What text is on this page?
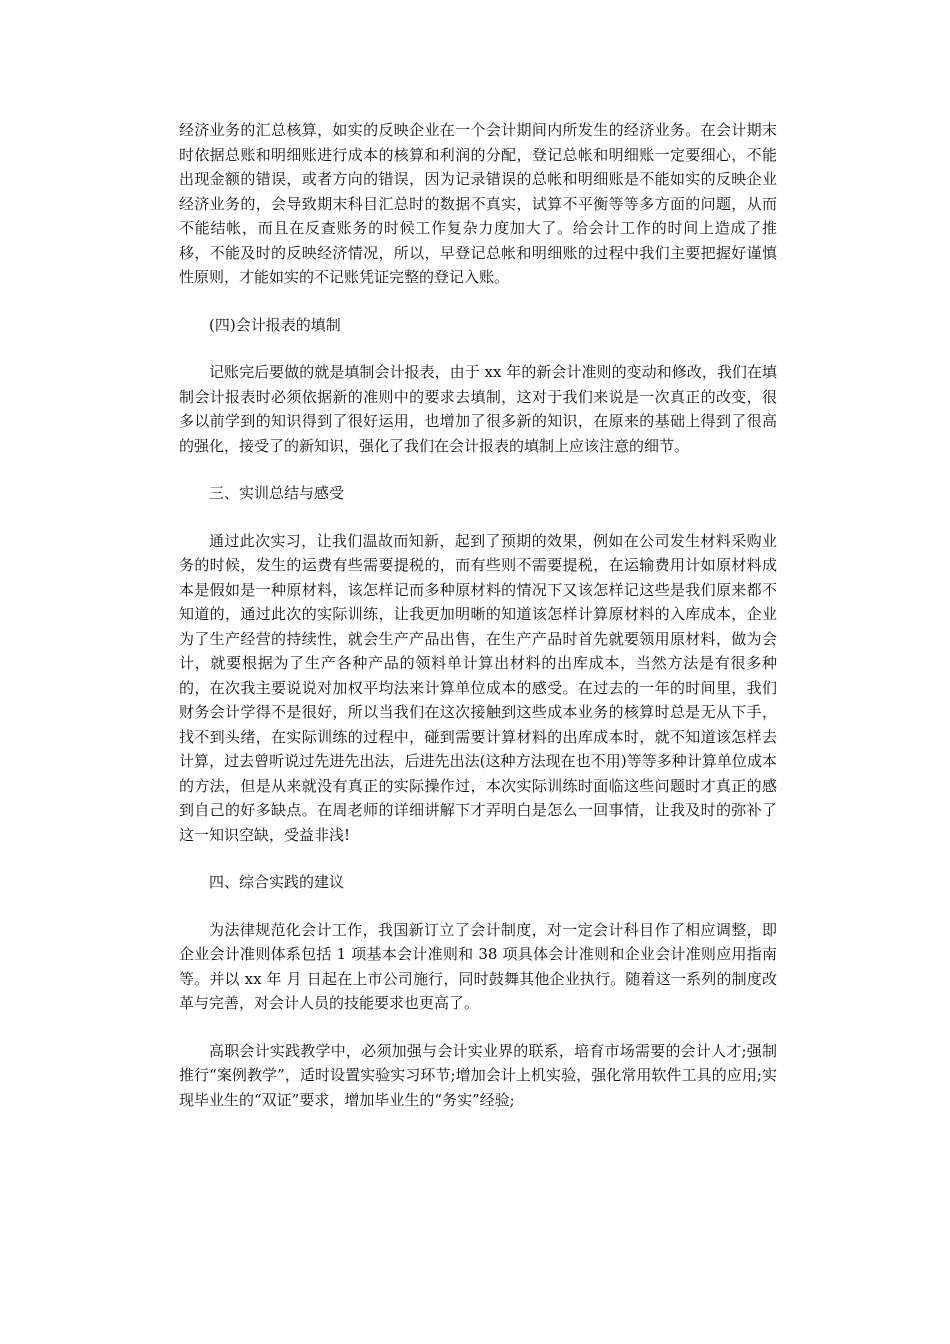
经济业务的汇总核算，如实的反映企业在一个会计期间内所发生的经济业务。在会计期末时依据总账和明细账进行成本的核算和利润的分配，登记总帐和明细账一定要细心，不能出现金额的错误，或者方向的错误，因为记录错误的总帐和明细账是不能如实的反映企业经济业务的，会导致期末科目汇总时的数据不真实，试算不平衡等等多方面的问题，从而不能结帐，而且在反查账务的时候工作复杂力度加大了。给会计工作的时间上造成了推移，不能及时的反映经济情况，所以，早登记总帐和明细账的过程中我们主要把握好谨慎性原则，才能如实的不记账凭证完整的登记入账。

(四)会计报表的填制

记账完后要做的就是填制会计报表，由于 xx 年的新会计准则的变动和修改，我们在填制会计报表时必须依据新的准则中的要求去填制，这对于我们来说是一次真正的改变，很多以前学到的知识得到了很好运用，也增加了很多新的知识，在原来的基础上得到了很高的强化，接受了的新知识，强化了我们在会计报表的填制上应该注意的细节。

三、实训总结与感受

通过此次实习，让我们温故而知新，起到了预期的效果，例如在公司发生材料采购业务的时候，发生的运费有些需要提税的，而有些则不需要提税，在运输费用计如原材料成本是假如是一种原材料，该怎样记而多种原材料的情况下又该怎样记这些是我们原来都不知道的，通过此次的实际训练，让我更加明晰的知道该怎样计算原材料的入库成本，企业为了生产经营的持续性，就会生产产品出售，在生产产品时首先就要领用原材料，做为会计，就要根据为了生产各种产品的领料单计算出材料的出库成本，当然方法是有很多种的，在次我主要说说对加权平均法来计算单位成本的感受。在过去的一年的时间里，我们财务会计学得不是很好，所以当我们在这次接触到这些成本业务的核算时总是无从下手，找不到头绪，在实际训练的过程中，碰到需要计算材料的出库成本时，就不知道该怎样去计算，过去曾听说过先进先出法，后进先出法(这种方法现在也不用)等等多种计算单位成本的方法，但是从来就没有真正的实际操作过，本次实际训练时面临这些问题时才真正的感到自己的好多缺点。在周老师的详细讲解下才弄明白是怎么一回事情，让我及时的弥补了这一知识空缺，受益非浅!

四、综合实践的建议

为法律规范化会计工作，我国新订立了会计制度，对一定会计科目作了相应调整，即企业会计准则体系包括 1 项基本会计准则和 38 项具体会计准则和企业会计准则应用指南等。并以 xx 年 月 日起在上市公司施行，同时鼓舞其他企业执行。随着这一系列的制度改革与完善，对会计人员的技能要求也更高了。

高职会计实践教学中，必须加强与会计实业界的联系，培育市场需要的会计人才;强制推行“案例教学”，适时设置实验实习环节;增加会计上机实验，强化常用软件工具的应用;实现毕业生的“双证”要求，增加毕业生的“务实”经验;
